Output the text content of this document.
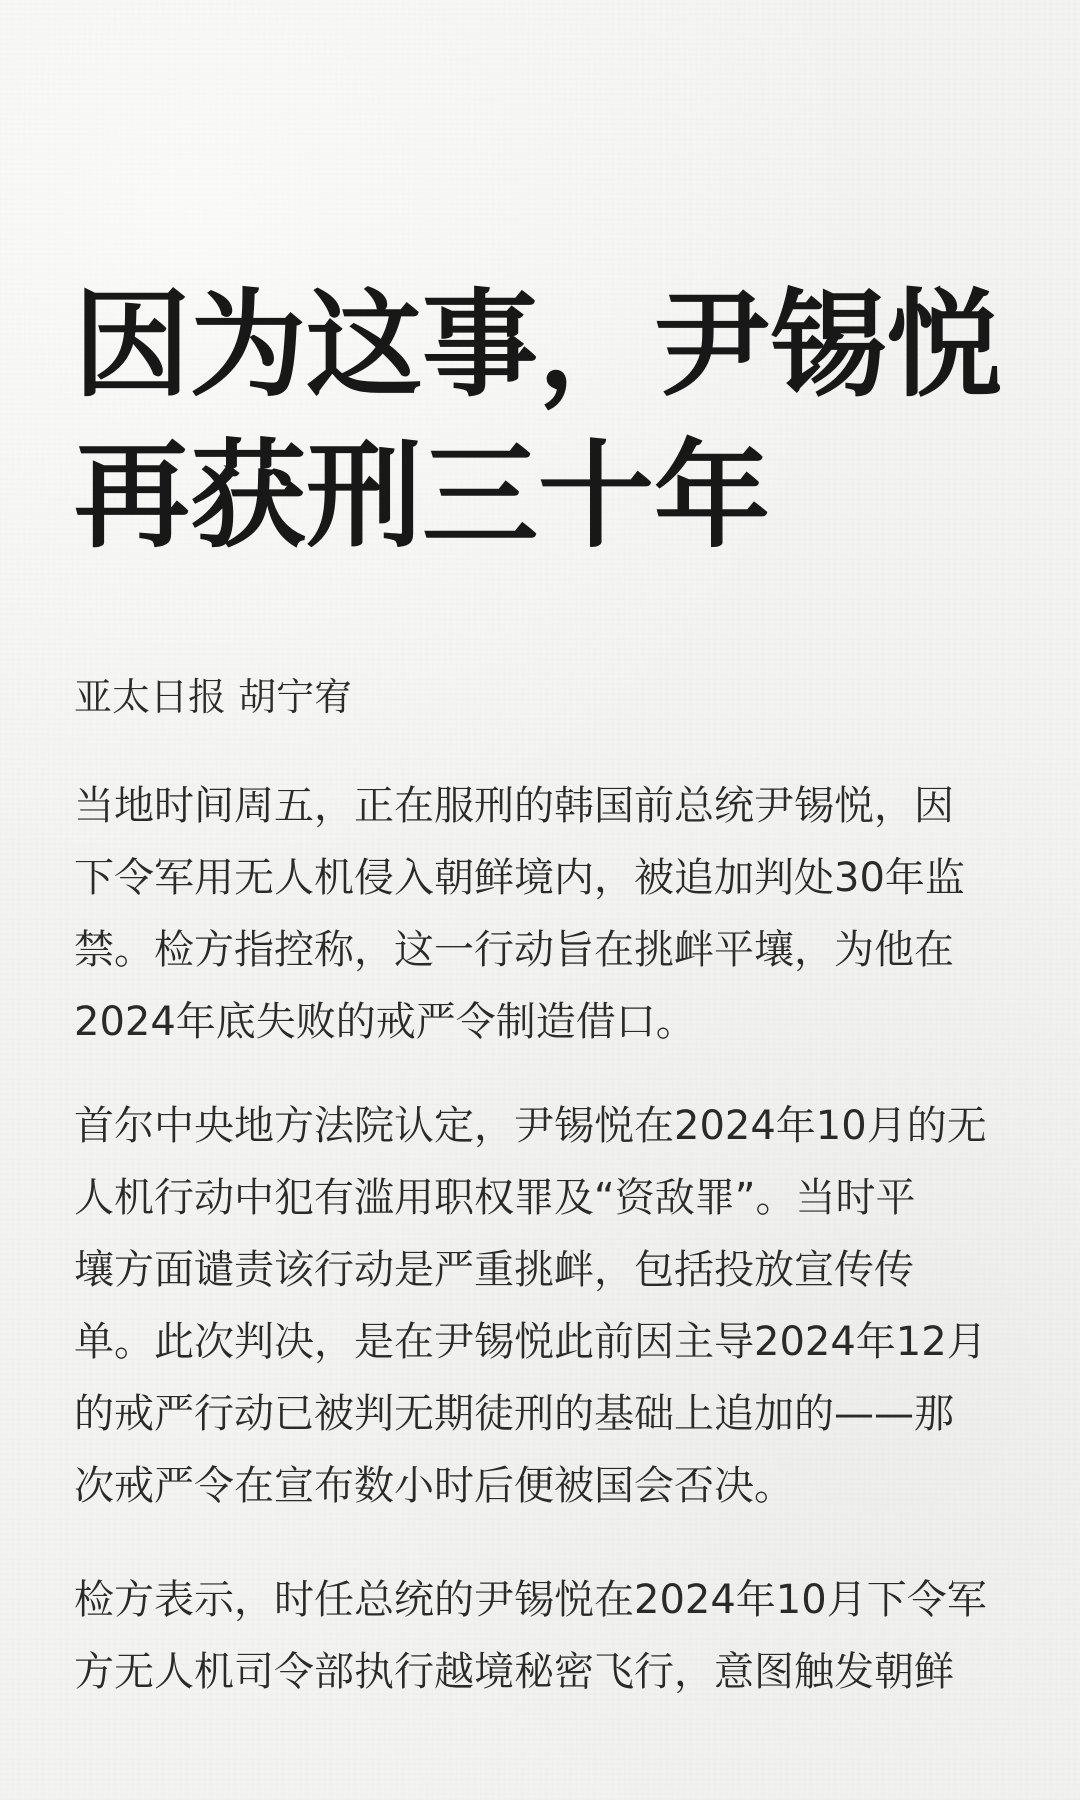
因为这事，尹锡悦
再获刑三十年

亚太日报 胡宁宥

当地时间周五，正在服刑的韩国前总统尹锡悦，因
下令军用无人机侵入朝鲜境内，被追加判处30年监
禁。检方指控称，这一行动旨在挑衅平壤，为他在
2024年底失败的戒严令制造借口。

首尔中央地方法院认定，尹锡悦在2024年10月的无
人机行动中犯有滥用职权罪及“资敌罪”。当时平
壤方面谴责该行动是严重挑衅，包括投放宣传传
单。此次判决，是在尹锡悦此前因主导2024年12月
的戒严行动已被判无期徒刑的基础上追加的——那
次戒严令在宣布数小时后便被国会否决。

检方表示，时任总统的尹锡悦在2024年10月下令军
方无人机司令部执行越境秘密飞行，意图触发朝鲜
